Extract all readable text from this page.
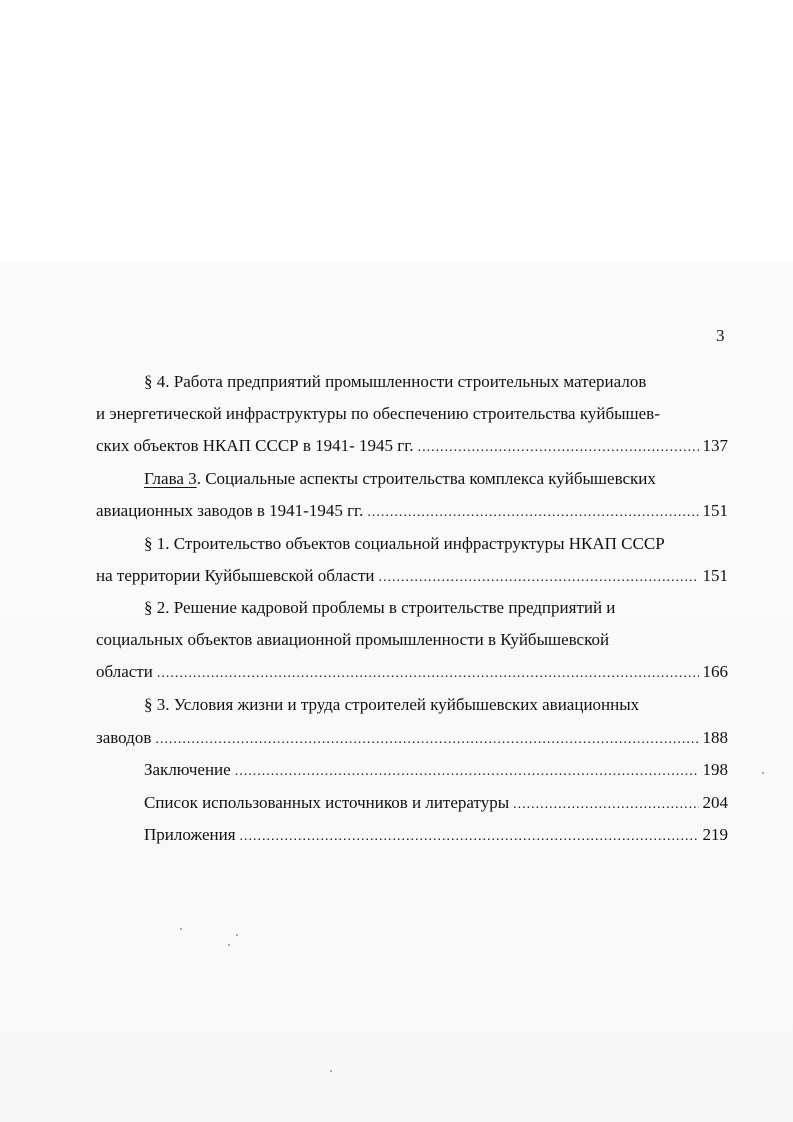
3
§ 4. Работа предприятий промышленности строительных материалов
и энергетической инфраструктуры по обеспечению строительства куйбышев-
ских объектов НКАП СССР в 1941- 1945 гг. .....	137
Глава 3. Социальные аспекты строительства комплекса куйбышевских
авиационных заводов в 1941-1945 гг. .....	151
§ 1. Строительство объектов социальной инфраструктуры НКАП СССР
на территории Куйбышевской области .....	151
§ 2. Решение кадровой проблемы в строительстве предприятий и
социальных объектов авиационной промышленности в Куйбышевской
области .....	166
§ 3. Условия жизни и труда строителей куйбышевских авиационных
заводов .....	188
Заключение .....	198
Список использованных источников и литературы .....	204
Приложения .....	219
